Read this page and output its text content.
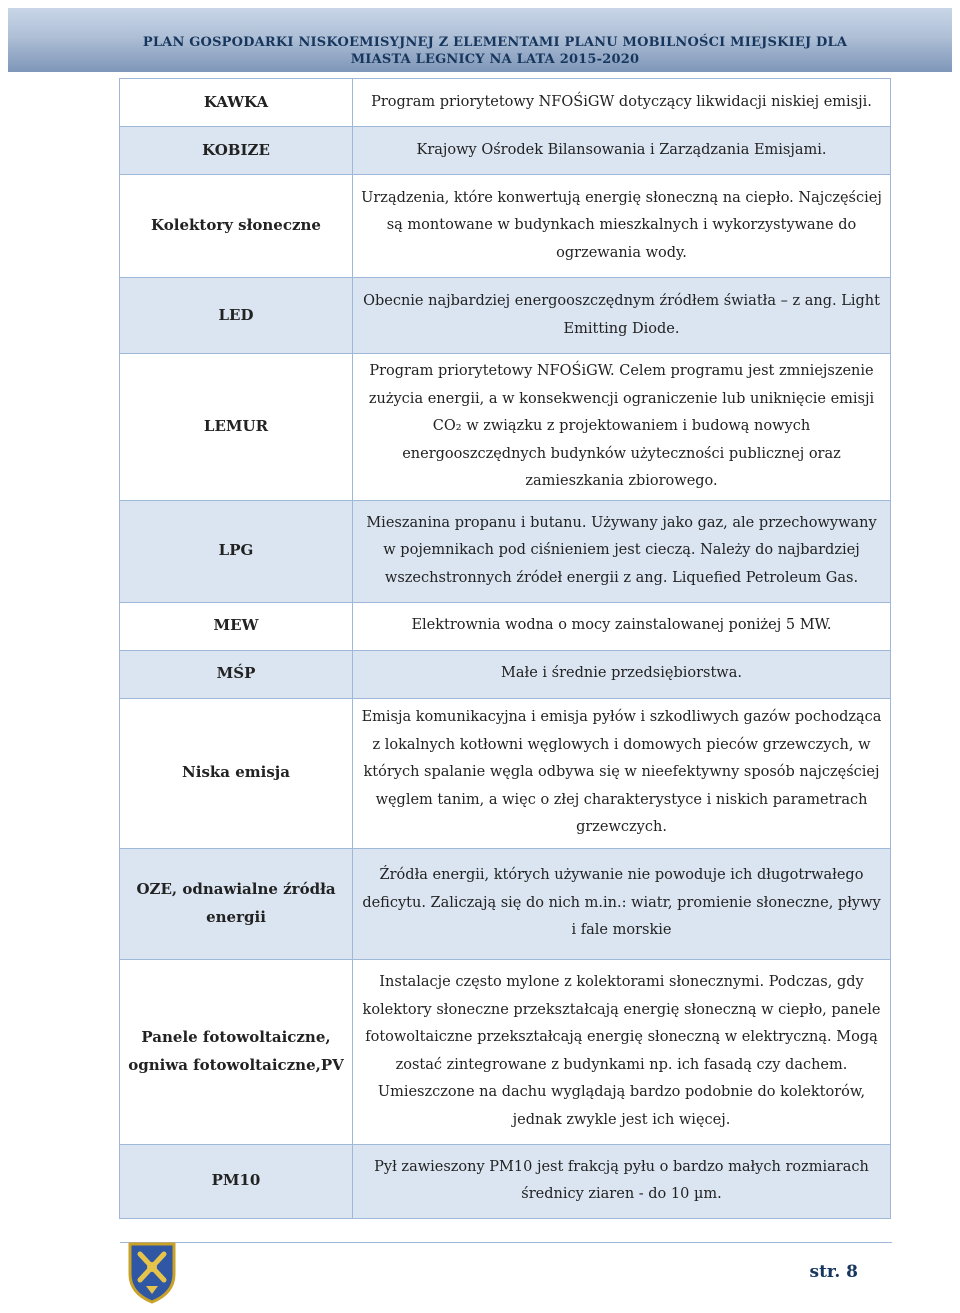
PLAN GOSPODARKI NISKOEMISYJNEJ Z ELEMENTAMI PLANU MOBILNOŚCI MIEJSKIEJ DLA
MIASTA LEGNICY NA LATA 2015-2020
KAWKA	Program priorytetowy NFOŚiGW dotyczący likwidacji niskiej emisji.
KOBIZE	Krajowy Ośrodek Bilansowania i Zarządzania Emisjami.
Kolektory słoneczne	Urządzenia, które konwertują energię słoneczną na ciepło. Najczęściej są montowane w budynkach mieszkalnych i wykorzystywane do ogrzewania wody.
LED	Obecnie najbardziej energooszczędnym źródłem światła – z ang. Light Emitting Diode.
LEMUR	Program priorytetowy NFOŚiGW. Celem programu jest zmniejszenie zużycia energii, a w konsekwencji ograniczenie lub uniknięcie emisji CO₂ w związku z projektowaniem i budową nowych energooszczędnych budynków użyteczności publicznej oraz zamieszkania zbiorowego.
LPG	Mieszanina propanu i butanu. Używany jako gaz, ale przechowywany w pojemnikach pod ciśnieniem jest cieczą. Należy do najbardziej wszechstronnych źródeł energii z ang. Liquefied Petroleum Gas.
MEW	Elektrownia wodna o mocy zainstalowanej poniżej 5 MW.
MŚP	Małe i średnie przedsiębiorstwa.
Niska emisja	Emisja komunikacyjna i emisja pyłów i szkodliwych gazów pochodząca z lokalnych kotłowni węglowych i domowych pieców grzewczych, w których spalanie węgla odbywa się w nieefektywny sposób najczęściej węglem tanim, a więc o złej charakterystyce i niskich parametrach grzewczych.
OZE, odnawialne źródła energii	Źródła energii, których używanie nie powoduje ich długotrwałego deficytu. Zaliczają się do nich m.in.: wiatr, promienie słoneczne, pływy i fale morskie
Panele fotowoltaiczne, ogniwa fotowoltaiczne,PV	Instalacje często mylone z kolektorami słonecznymi. Podczas, gdy kolektory słoneczne przekształcają energię słoneczną w ciepło, panele fotowoltaiczne przekształcają energię słoneczną w elektryczną. Mogą zostać zintegrowane z budynkami np. ich fasadą czy dachem. Umieszczone na dachu wyglądają bardzo podobnie do kolektorów, jednak zwykle jest ich więcej.
PM10	Pył zawieszony PM10 jest frakcją pyłu o bardzo małych rozmiarach średnicy ziaren - do 10 µm.
str. 8
